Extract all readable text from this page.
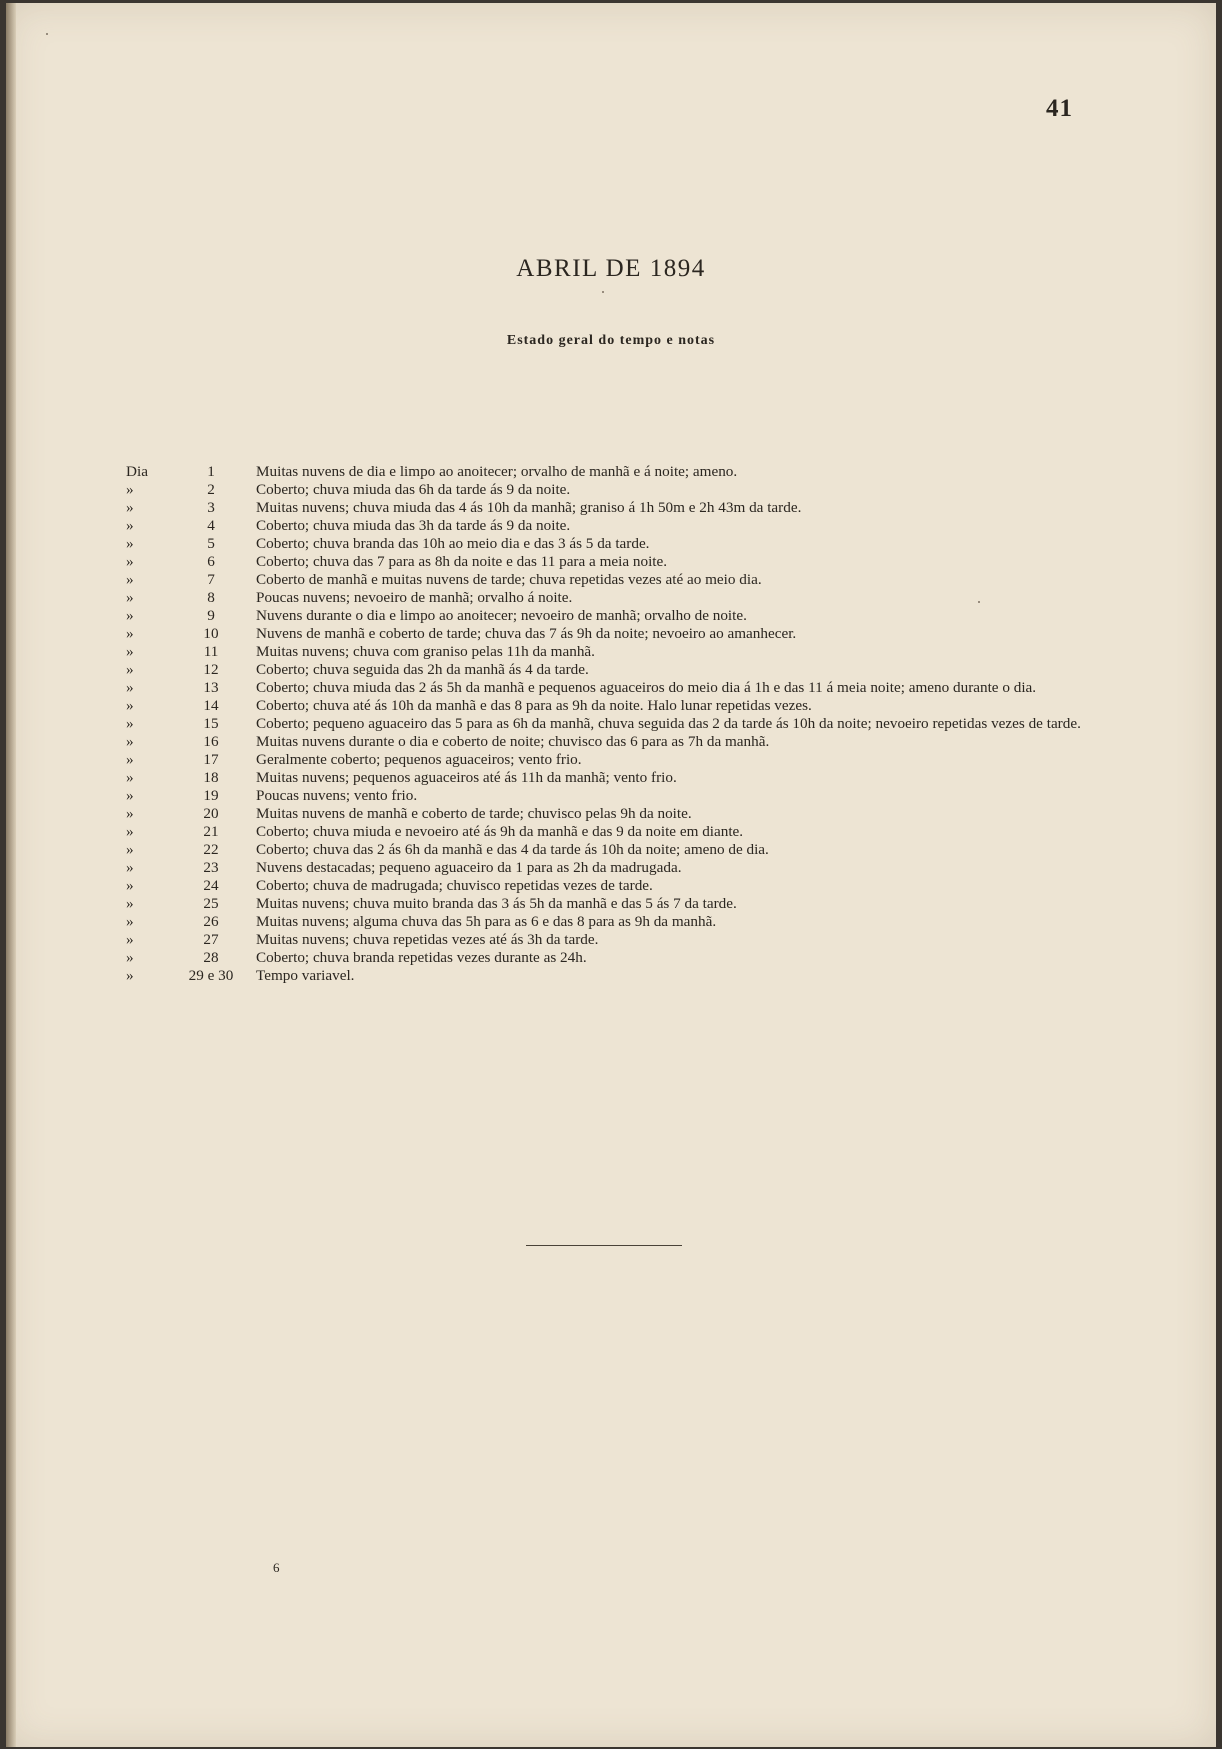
41
ABRIL DE 1894
Estado geral do tempo e notas
Dia	1	Muitas nuvens de dia e limpo ao anoitecer; orvalho de manhã e á noite; ameno.
»	2	Coberto; chuva miuda das 6h da tarde ás 9 da noite.
»	3	Muitas nuvens; chuva miuda das 4 ás 10h da manhã; graniso á 1h 50m e 2h 43m da tarde.
»	4	Coberto; chuva miuda das 3h da tarde ás 9 da noite.
»	5	Coberto; chuva branda das 10h ao meio dia e das 3 ás 5 da tarde.
»	6	Coberto; chuva das 7 para as 8h da noite e das 11 para a meia noite.
»	7	Coberto de manhã e muitas nuvens de tarde; chuva repetidas vezes até ao meio dia.
»	8	Poucas nuvens; nevoeiro de manhã; orvalho á noite.
»	9	Nuvens durante o dia e limpo ao anoitecer; nevoeiro de manhã; orvalho de noite.
»	10	Nuvens de manhã e coberto de tarde; chuva das 7 ás 9h da noite; nevoeiro ao amanhecer.
»	11	Muitas nuvens; chuva com graniso pelas 11h da manhã.
»	12	Coberto; chuva seguida das 2h da manhã ás 4 da tarde.
»	13	Coberto; chuva miuda das 2 ás 5h da manhã e pequenos aguaceiros do meio dia á 1h e das 11 á meia noite; ameno durante o dia.
»	14	Coberto; chuva até ás 10h da manhã e das 8 para as 9h da noite. Halo lunar repetidas vezes.
»	15	Coberto; pequeno aguaceiro das 5 para as 6h da manhã, chuva seguida das 2 da tarde ás 10h da noite; nevoeiro repetidas vezes de tarde.
»	16	Muitas nuvens durante o dia e coberto de noite; chuvisco das 6 para as 7h da manhã.
»	17	Geralmente coberto; pequenos aguaceiros; vento frio.
»	18	Muitas nuvens; pequenos aguaceiros até ás 11h da manhã; vento frio.
»	19	Poucas nuvens; vento frio.
»	20	Muitas nuvens de manhã e coberto de tarde; chuvisco pelas 9h da noite.
»	21	Coberto; chuva miuda e nevoeiro até ás 9h da manhã e das 9 da noite em diante.
»	22	Coberto; chuva das 2 ás 6h da manhã e das 4 da tarde ás 10h da noite; ameno de dia.
»	23	Nuvens destacadas; pequeno aguaceiro da 1 para as 2h da madrugada.
»	24	Coberto; chuva de madrugada; chuvisco repetidas vezes de tarde.
»	25	Muitas nuvens; chuva muito branda das 3 ás 5h da manhã e das 5 ás 7 da tarde.
»	26	Muitas nuvens; alguma chuva das 5h para as 6 e das 8 para as 9h da manhã.
»	27	Muitas nuvens; chuva repetidas vezes até ás 3h da tarde.
»	28	Coberto; chuva branda repetidas vezes durante as 24h.
»	29 e 30	Tempo variavel.
6
